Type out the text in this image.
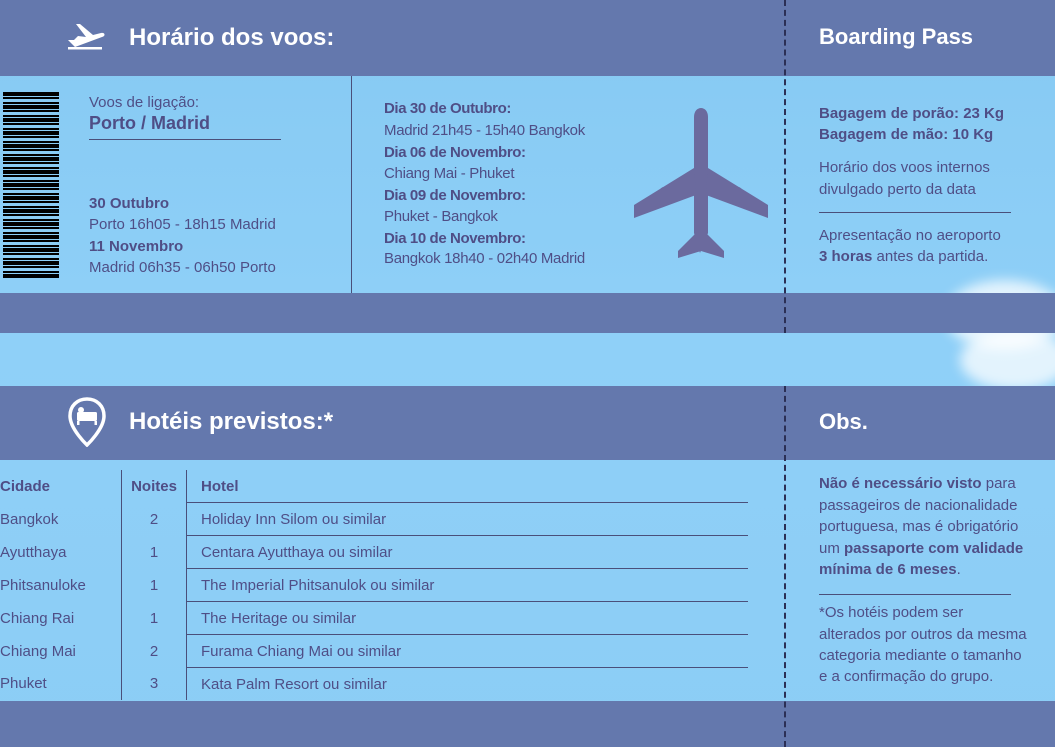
Horário dos voos:	Boarding Pass
Voos de ligação:
Porto / Madrid
30 Outubro
Porto 16h05 - 18h15 Madrid
11 Novembro
Madrid 06h35 - 06h50 Porto
Dia 30 de Outubro:
Madrid 21h45 - 15h40 Bangkok
Dia 06 de Novembro:
Chiang Mai - Phuket
Dia 09 de Novembro:
Phuket - Bangkok
Dia 10 de Novembro:
Bangkok 18h40 - 02h40 Madrid
Bagagem de porão: 23 Kg
Bagagem de mão: 10 Kg
Horário dos voos internos
divulgado perto da data
Apresentação no aeroporto
3 horas antes da partida.
Hotéis previstos:*	Obs.
Cidade	Noites	Hotel
Bangkok	2	Holiday Inn Silom ou similar
Ayutthaya	1	Centara Ayutthaya ou similar
Phitsanuloke	1	The Imperial Phitsanulok ou similar
Chiang Rai	1	The Heritage ou similar
Chiang Mai	2	Furama Chiang Mai ou similar
Phuket	3	Kata Palm Resort ou similar
Não é necessário visto para
passageiros de nacionalidade
portuguesa, mas é obrigatório
um passaporte com validade
mínima de 6 meses.
*Os hotéis podem ser
alterados por outros da mesma
categoria mediante o tamanho
e a confirmação do grupo.
